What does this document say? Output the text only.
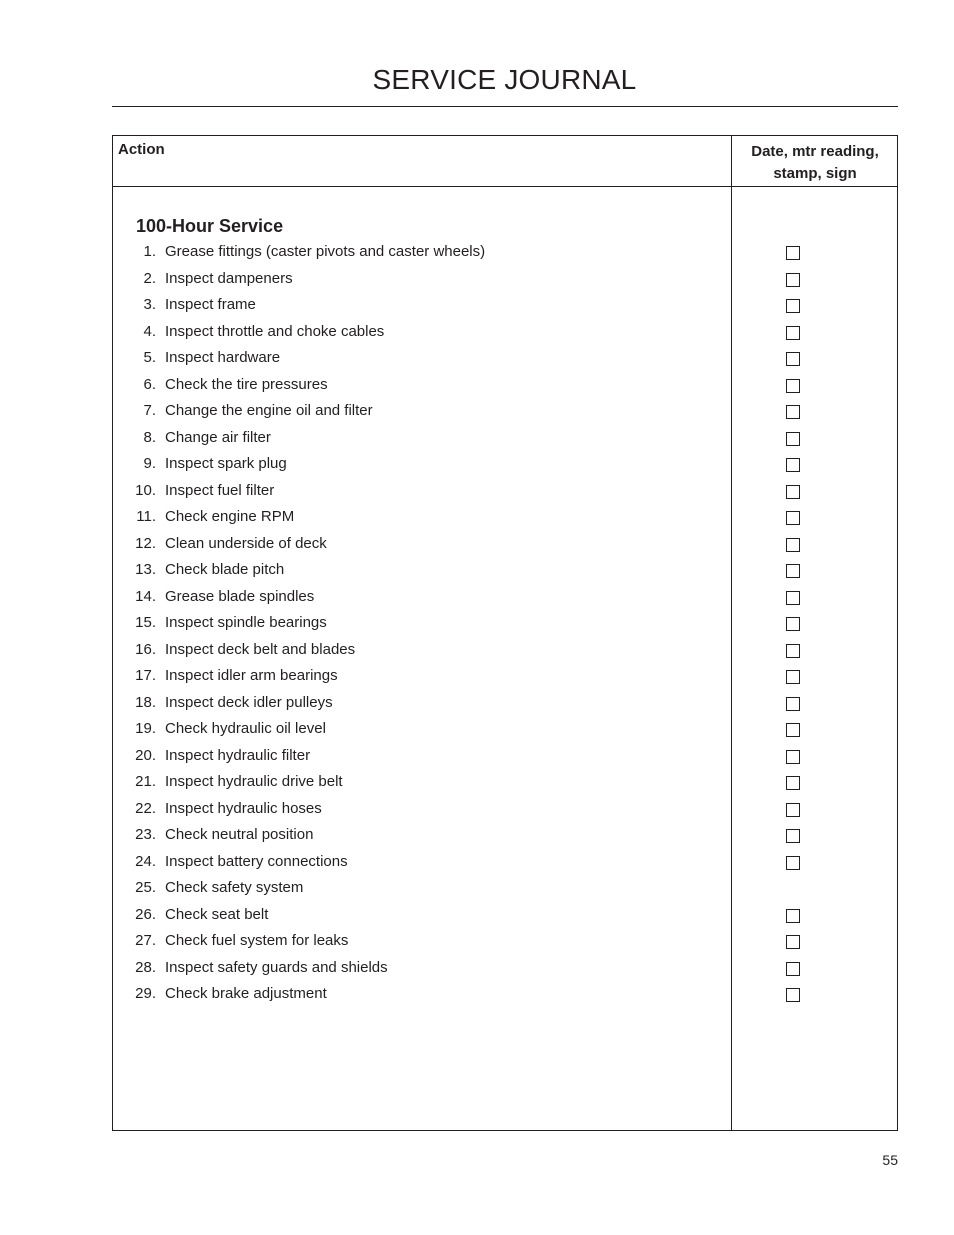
SERVICE JOURNAL
Action	Date, mtr reading, stamp, sign
100-Hour Service
1. Grease fittings (caster pivots and caster wheels)
2. Inspect dampeners
3. Inspect frame
4. Inspect throttle and choke cables
5. Inspect hardware
6. Check the tire pressures
7. Change the engine oil and filter
8. Change air filter
9. Inspect spark plug
10. Inspect fuel filter
11. Check engine RPM
12. Clean underside of deck
13. Check blade pitch
14. Grease blade spindles
15. Inspect spindle bearings
16. Inspect deck belt and blades
17. Inspect idler arm bearings
18. Inspect deck idler pulleys
19. Check hydraulic oil level
20. Inspect hydraulic filter
21. Inspect hydraulic drive belt
22. Inspect hydraulic hoses
23. Check neutral position
24. Inspect battery connections
25. Check safety system
26. Check seat belt
27. Check fuel system for leaks
28. Inspect safety guards and shields
29. Check brake adjustment
55
